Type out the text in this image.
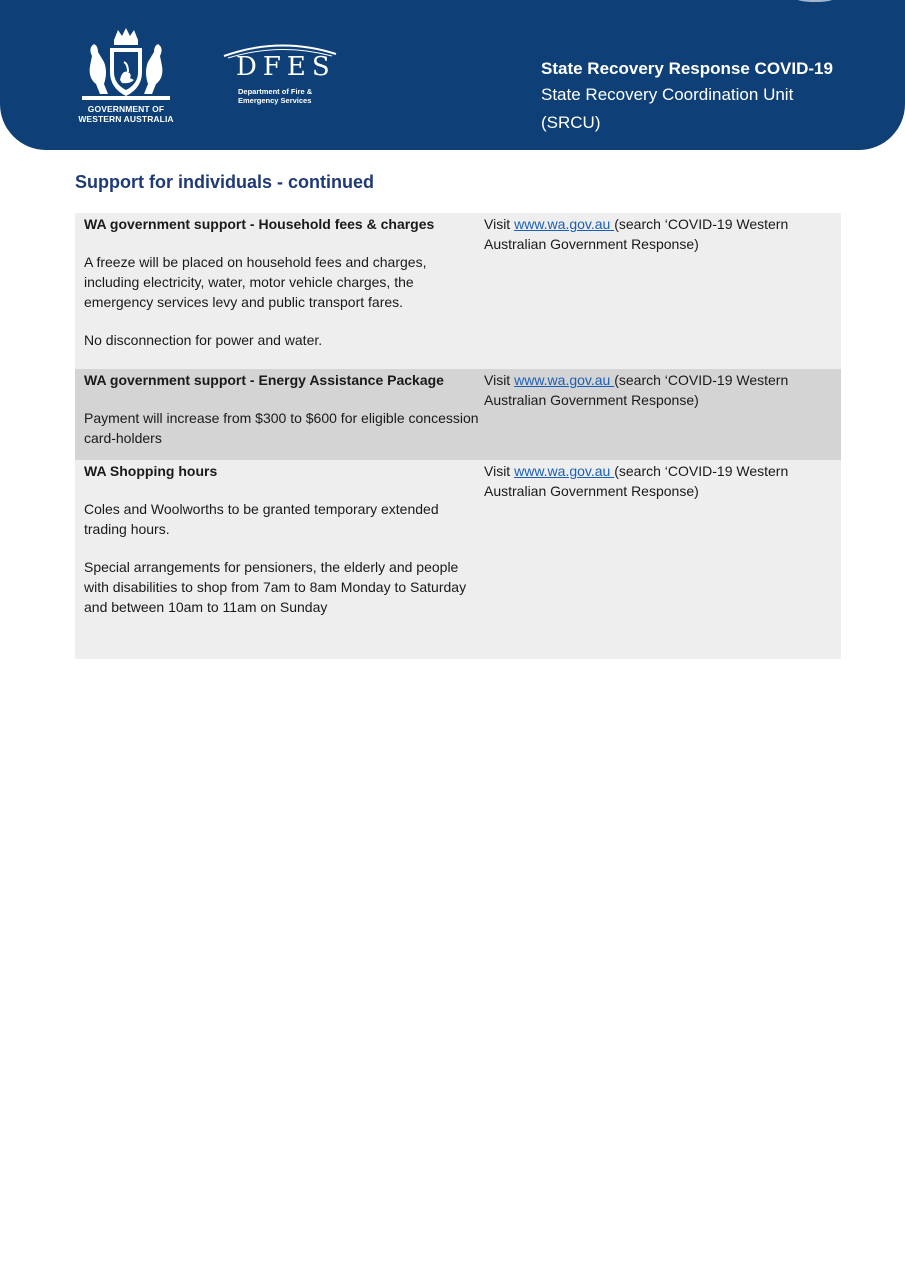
GOVERNMENT OF
WESTERN AUSTRALIA
DFES
Department of Fire &
Emergency Services
State Recovery Response COVID-19
State Recovery Coordination Unit
(SRCU)
Support for individuals - continued
WA government support - Household fees & charges

A freeze will be placed on household fees and charges, including electricity, water, motor vehicle charges, the emergency services levy and public transport fares.

No disconnection for power and water.

Visit www.wa.gov.au (search ‘COVID-19 Western Australian Government Response)
WA government support - Energy Assistance Package

Payment will increase from $300 to $600 for eligible concession card-holders

Visit www.wa.gov.au (search ‘COVID-19 Western Australian Government Response)
WA Shopping hours

Coles and Woolworths to be granted temporary extended trading hours.

Special arrangements for pensioners, the elderly and people with disabilities to shop from 7am to 8am Monday to Saturday and between 10am to 11am on Sunday

Visit www.wa.gov.au (search ‘COVID-19 Western Australian Government Response)
